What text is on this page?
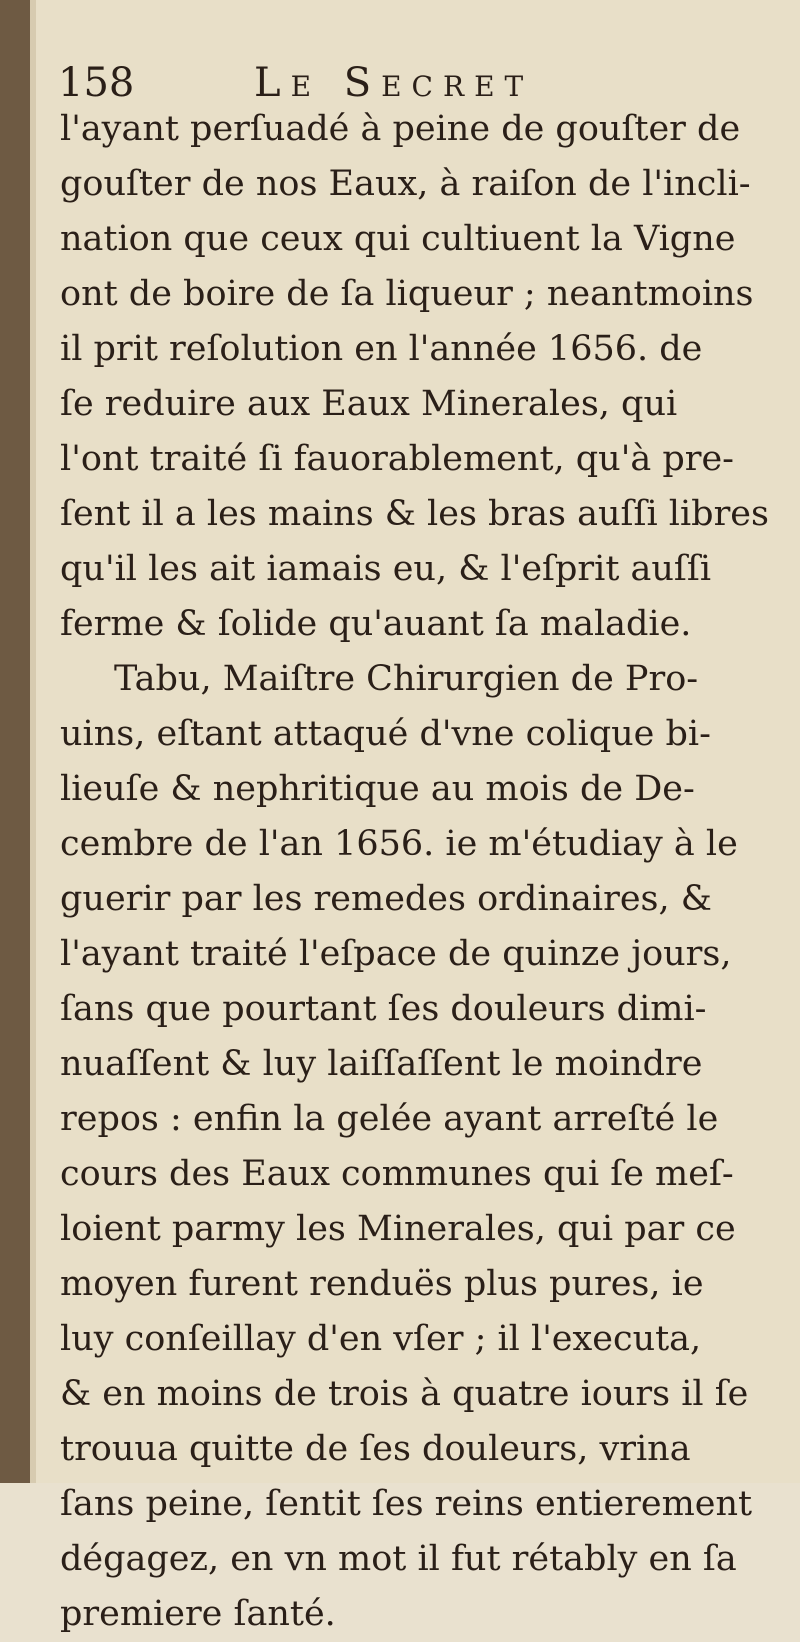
158	Le Secret
l'ayant perſuadé à peine de gouſter de
gouſter de nos Eaux, à raiſon de l'incli-
nation que ceux qui cultiuent la Vigne
ont de boire de ſa liqueur ; neantmoins
il prit reſolution en l'année 1656. de
ſe reduire aux Eaux Minerales, qui
l'ont traité ſi fauorablement, qu'à pre-
ſent il a les mains & les bras auſſi libres
qu'il les ait iamais eu, & l'eſprit auſſi
ferme & ſolide qu'auant ſa maladie.
Tabu, Maiſtre Chirurgien de Pro-
uins, eſtant attaqué d'vne colique bi-
lieuſe & nephritique au mois de De-
cembre de l'an 1656. ie m'étudiay à le
guerir par les remedes ordinaires, &
l'ayant traité l'eſpace de quinze jours,
ſans que pourtant ſes douleurs dimi-
nuaſſent & luy laiſſaſſent le moindre
repos : enfin la gelée ayant arreſté le
cours des Eaux communes qui ſe meſ-
loient parmy les Minerales, qui par ce
moyen furent renduës plus pures, ie
luy conſeillay d'en vſer ; il l'executa,
& en moins de trois à quatre iours il ſe
trouua quitte de ſes douleurs, vrina
ſans peine, ſentit ſes reins entierement
dégagez, en vn mot il fut rétably en ſa
premiere ſanté.
